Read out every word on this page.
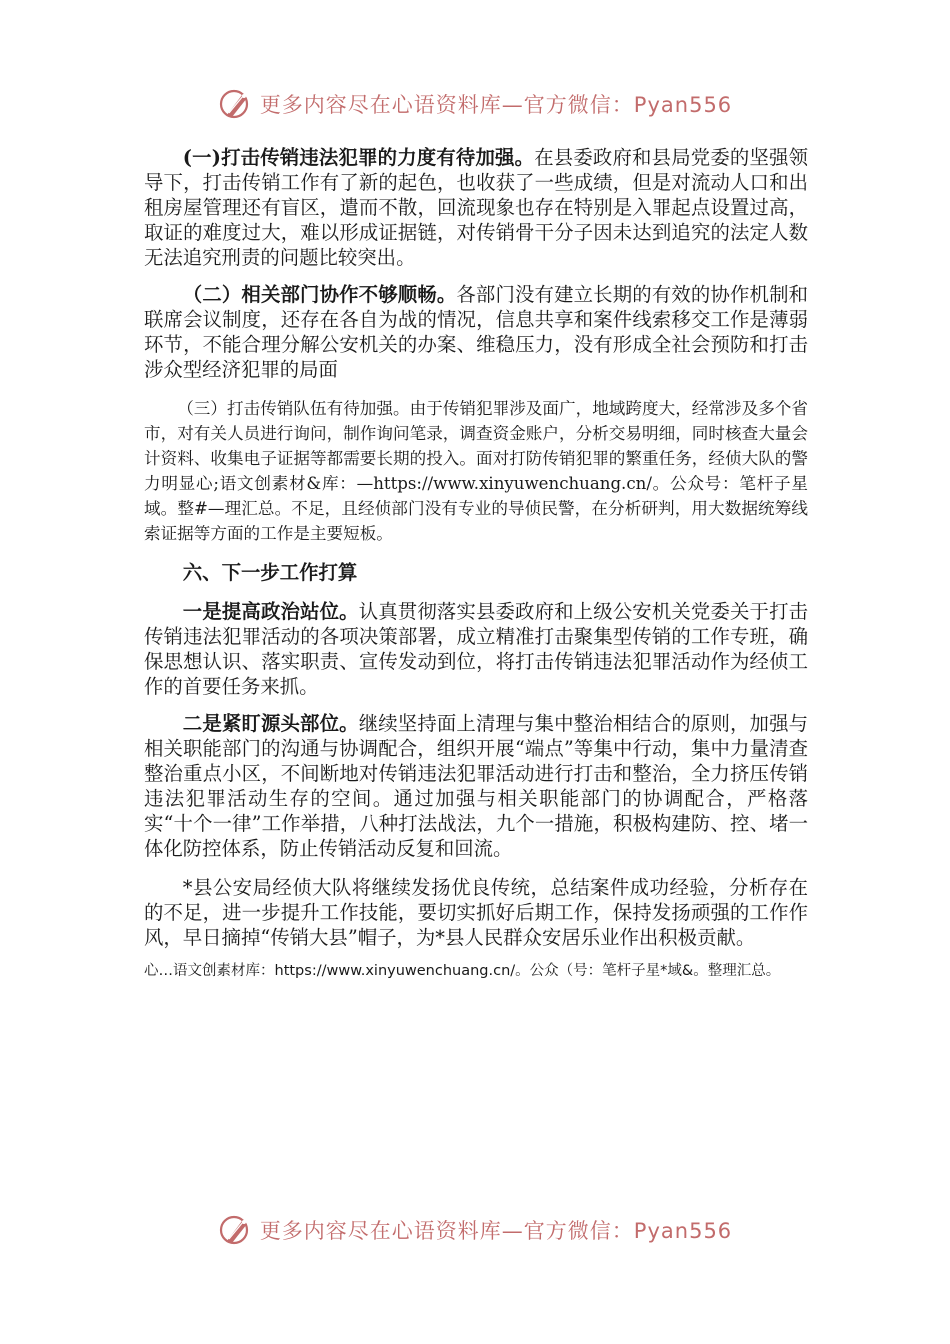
更多内容尽在心语资料库—官方微信：Pyan556

(一)打击传销违法犯罪的力度有待加强。在县委政府和县局党委的坚强领导下，打击传销工作有了新的起色，也收获了一些成绩，但是对流动人口和出租房屋管理还有盲区，遣而不散，回流现象也存在特别是入罪起点设置过高，取证的难度过大，难以形成证据链，对传销骨干分子因未达到追究的法定人数无法追究刑责的问题比较突出。

（二）相关部门协作不够顺畅。各部门没有建立长期的有效的协作机制和联席会议制度，还存在各自为战的情况，信息共享和案件线索移交工作是薄弱环节，不能合理分解公安机关的办案、维稳压力，没有形成全社会预防和打击涉众型经济犯罪的局面

（三）打击传销队伍有待加强。由于传销犯罪涉及面广，地域跨度大，经常涉及多个省市，对有关人员进行询问，制作询问笔录，调查资金账户，分析交易明细，同时核查大量会计资料、收集电子证据等都需要长期的投入。面对打防传销犯罪的繁重任务，经侦大队的警力明显心;语文创素材&库：—https://www.xinyuwenchuang.cn/。公众号：笔杆子星域。整#—理汇总。不足，且经侦部门没有专业的导侦民警，在分析研判，用大数据统筹线索证据等方面的工作是主要短板。

六、下一步工作打算

一是提高政治站位。认真贯彻落实县委政府和上级公安机关党委关于打击传销违法犯罪活动的各项决策部署，成立精准打击聚集型传销的工作专班，确保思想认识、落实职责、宣传发动到位，将打击传销违法犯罪活动作为经侦工作的首要任务来抓。

二是紧盯源头部位。继续坚持面上清理与集中整治相结合的原则，加强与相关职能部门的沟通与协调配合，组织开展“端点”等集中行动，集中力量清查整治重点小区，不间断地对传销违法犯罪活动进行打击和整治，全力挤压传销违法犯罪活动生存的空间。通过加强与相关职能部门的协调配合，严格落实“十个一律”工作举措，八种打法战法，九个一措施，积极构建防、控、堵一体化防控体系，防止传销活动反复和回流。

*县公安局经侦大队将继续发扬优良传统，总结案件成功经验，分析存在的不足，进一步提升工作技能，要切实抓好后期工作，保持发扬顽强的工作作风，早日摘掉“传销大县”帽子，为*县人民群众安居乐业作出积极贡献。

心…语文创素材库：https://www.xinyuwenchuang.cn/。公众（号：笔杆子星*域&。整理汇总。

更多内容尽在心语资料库—官方微信：Pyan556
